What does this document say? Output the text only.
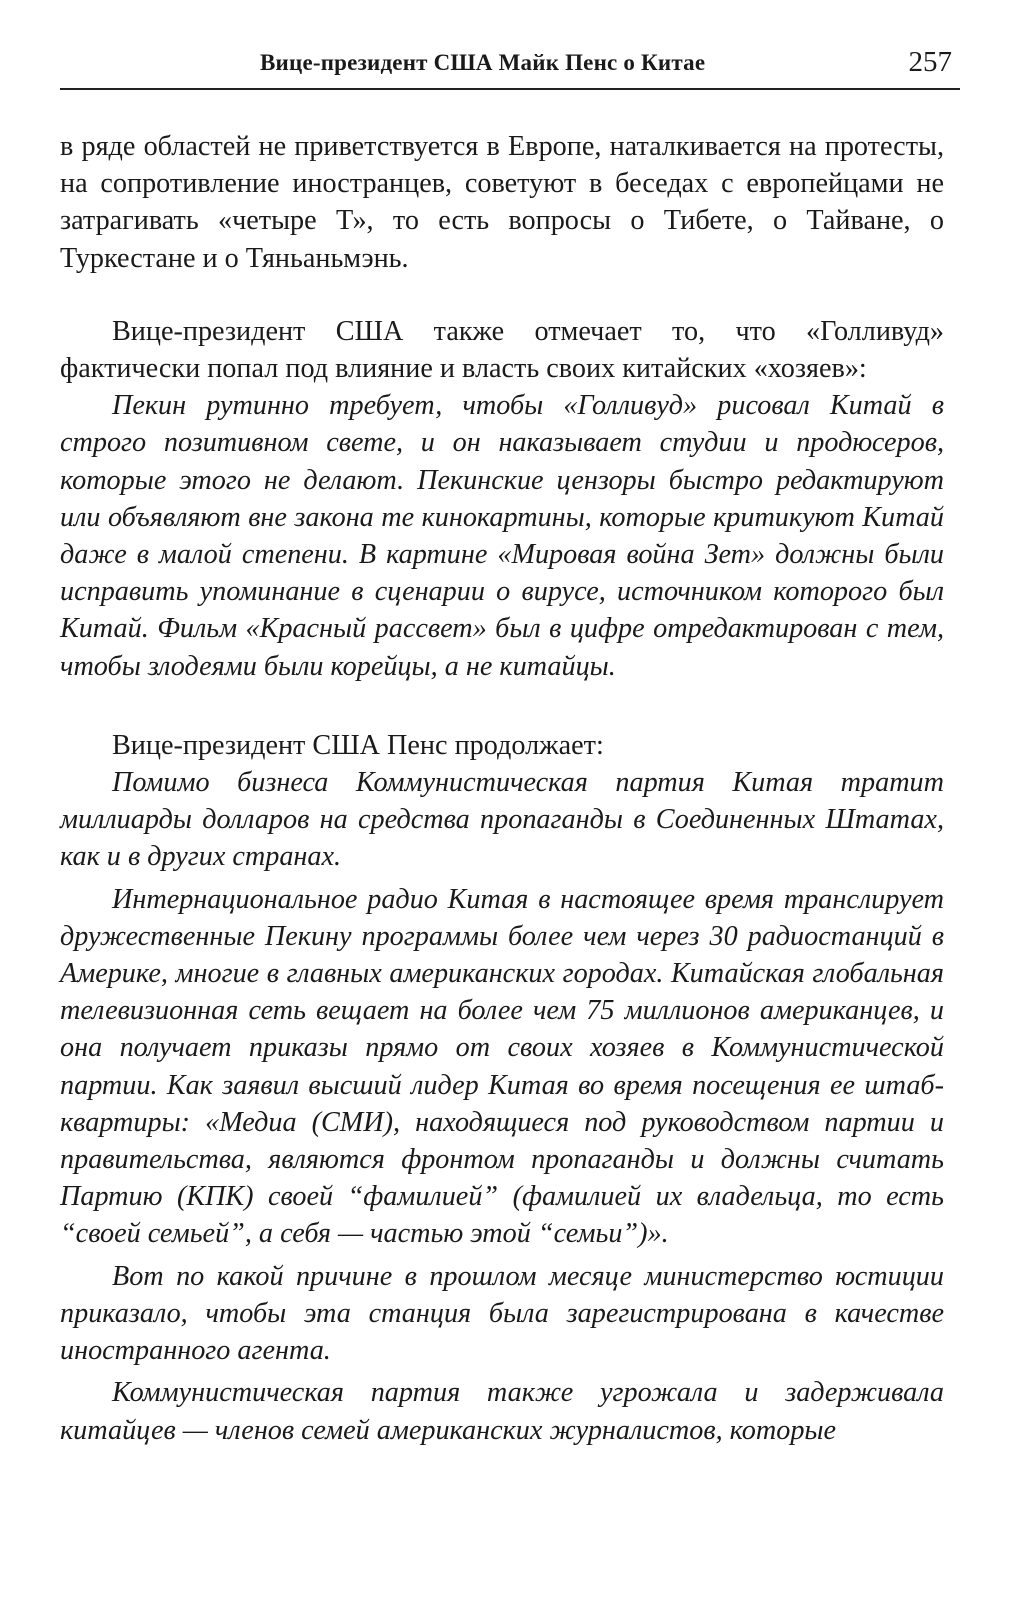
Вице-президент США Майк Пенс о Китае	257

в ряде областей не приветствуется в Европе, наталкивается на протесты, на сопротивление иностранцев, советуют в беседах с европейцами не затрагивать «четыре Т», то есть вопросы о Тибете, о Тайване, о Туркестане и о Тяньаньмэнь.

Вице-президент США также отмечает то, что «Голливуд» фактически попал под влияние и власть своих китайских «хозяев»:

Пекин рутинно требует, чтобы «Голливуд» рисовал Китай в строго позитивном свете, и он наказывает студии и продюсеров, которые этого не делают. Пекинские цензоры быстро редактируют или объявляют вне закона те кинокартины, которые критикуют Китай даже в малой степени. В картине «Мировая война Зет» должны были исправить упоминание в сценарии о вирусе, источником которого был Китай. Фильм «Красный рассвет» был в цифре отредактирован с тем, чтобы злодеями были корейцы, а не китайцы.

Вице-президент США Пенс продолжает:

Помимо бизнеса Коммунистическая партия Китая тратит миллиарды долларов на средства пропаганды в Соединенных Штатах, как и в других странах.

Интернациональное радио Китая в настоящее время транслирует дружественные Пекину программы более чем через 30 радиостанций в Америке, многие в главных американских городах. Китайская глобальная телевизионная сеть вещает на более чем 75 миллионов американцев, и она получает приказы прямо от своих хозяев в Коммунистической партии. Как заявил высший лидер Китая во время посещения ее штаб-квартиры: «Медиа (СМИ), находящиеся под руководством партии и правительства, являются фронтом пропаганды и должны считать Партию (КПК) своей “фамилией” (фамилией их владельца, то есть “своей семьей”, а себя — частью этой “семьи”)».

Вот по какой причине в прошлом месяце министерство юстиции приказало, чтобы эта станция была зарегистрирована в качестве иностранного агента.

Коммунистическая партия также угрожала и задерживала китайцев — членов семей американских журналистов, которые
